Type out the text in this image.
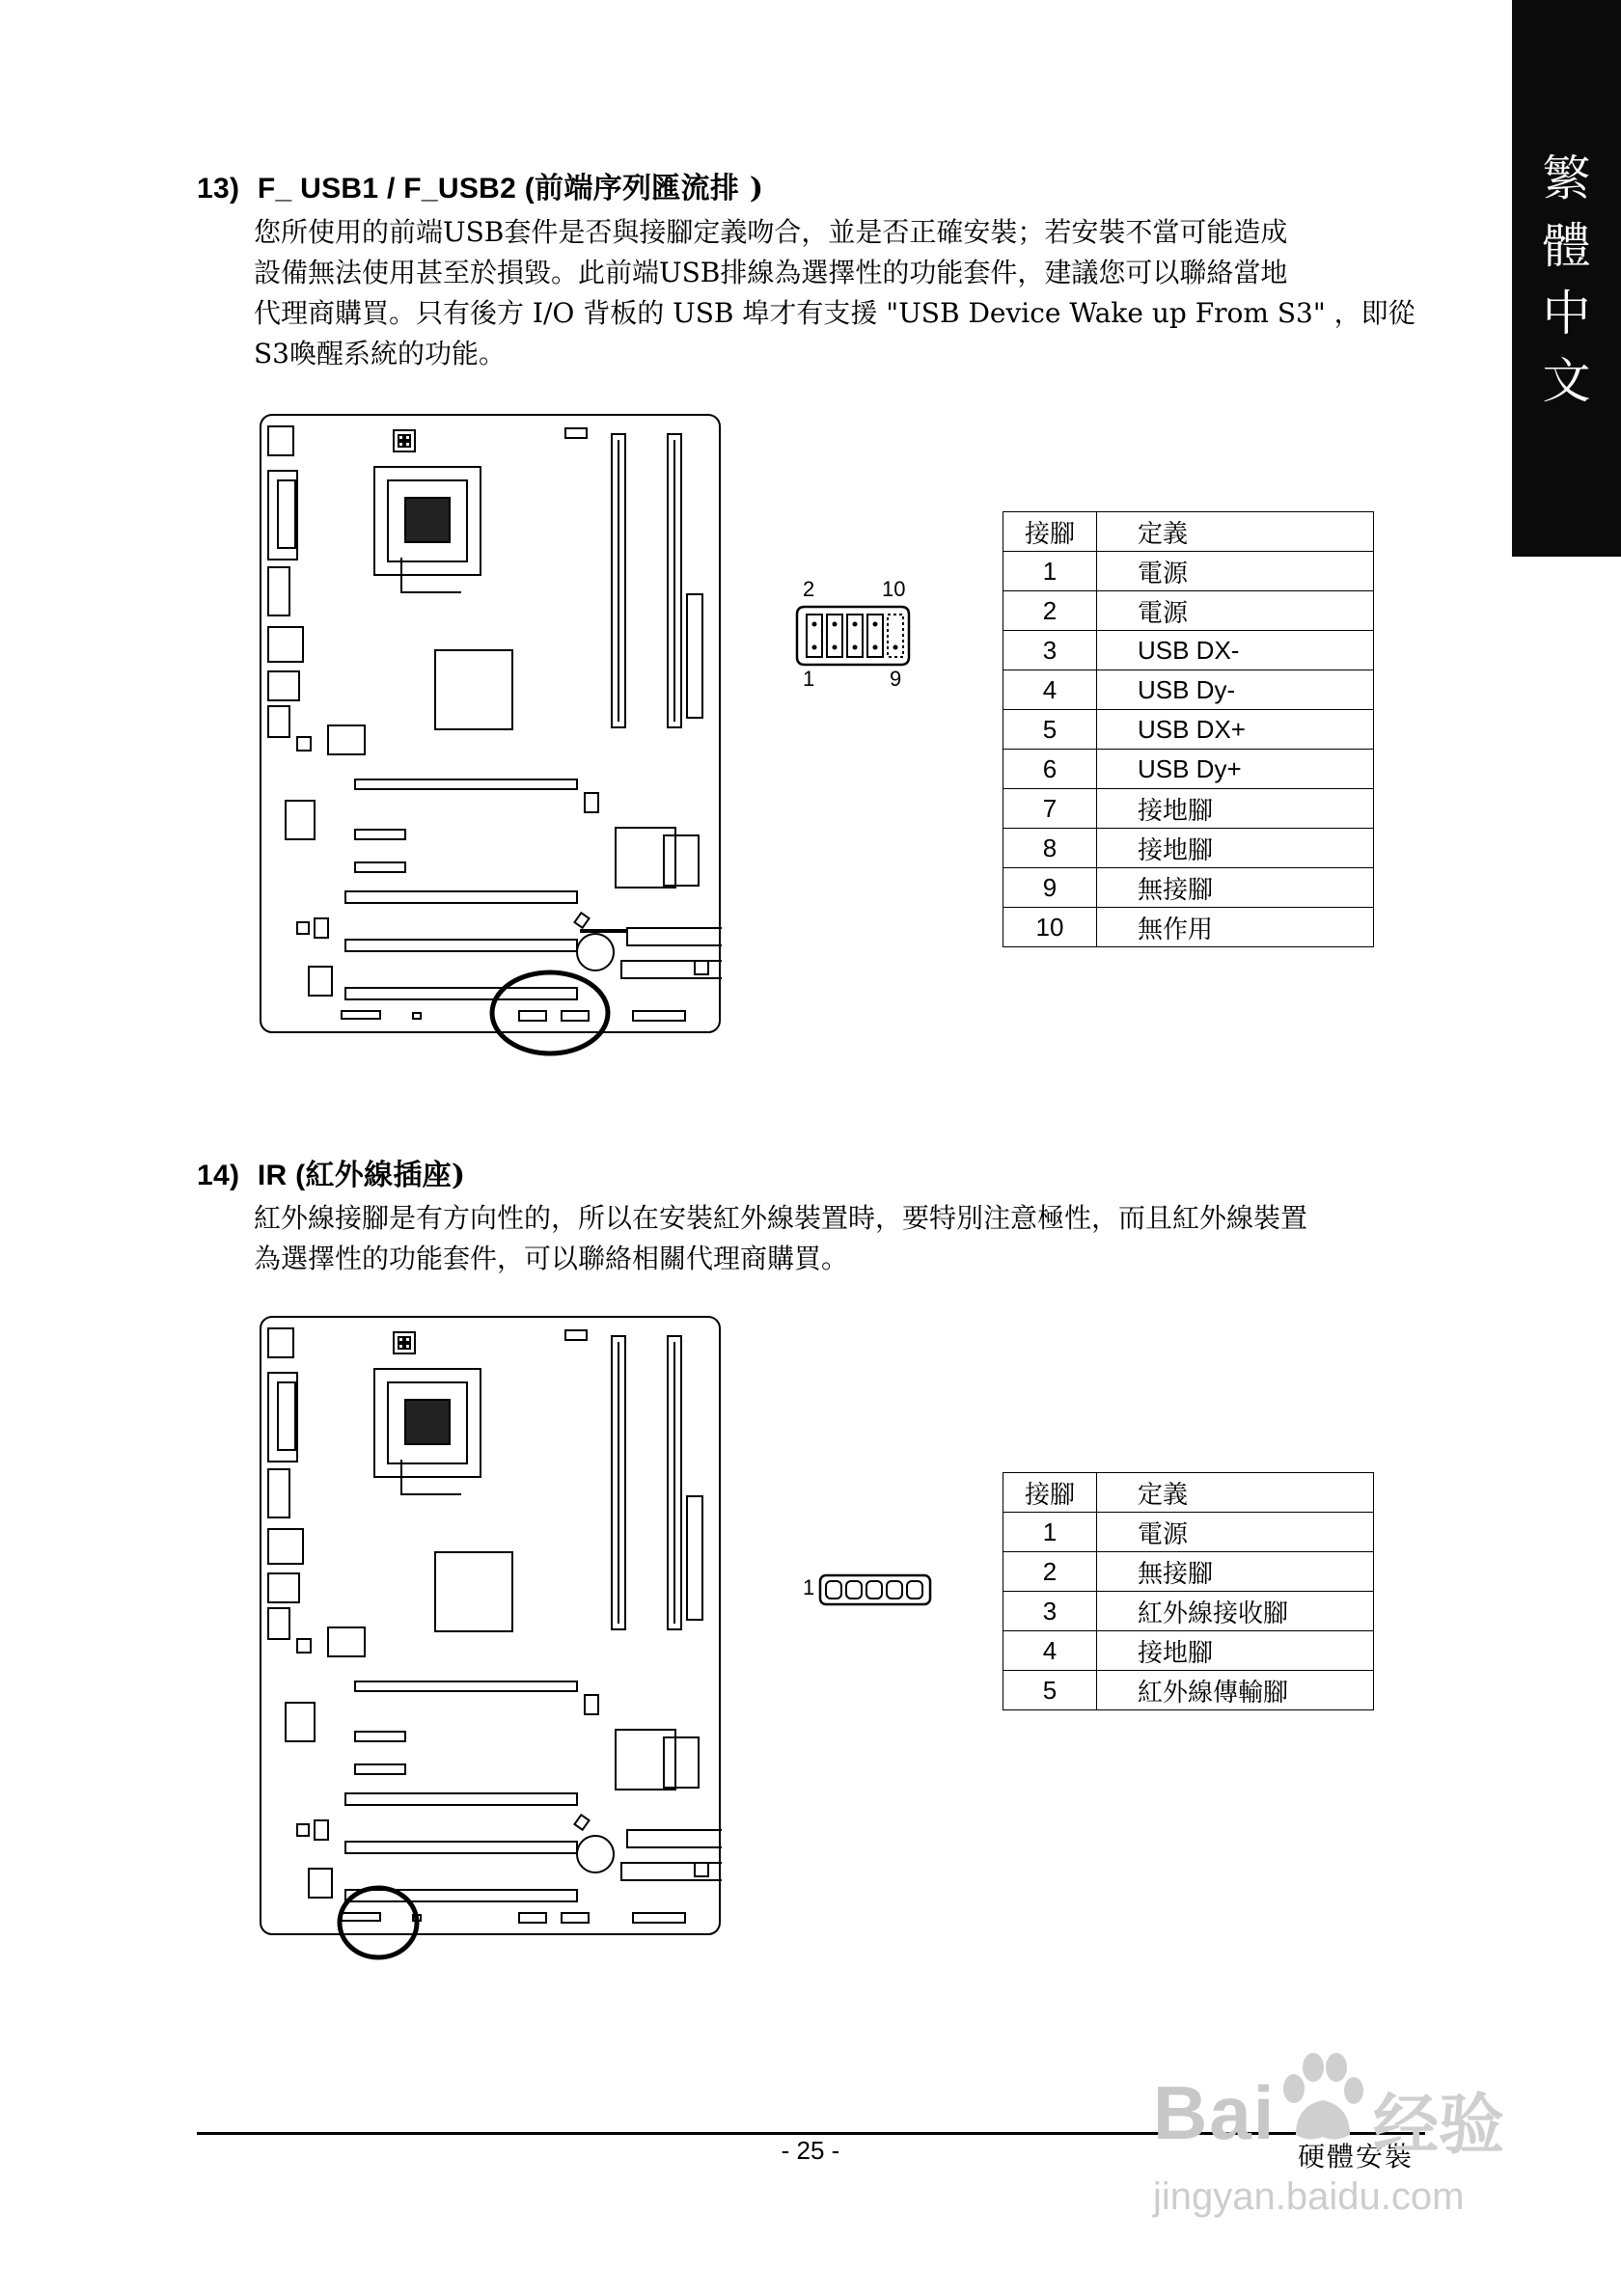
繁
體
中
文
13) F_ USB1 / F_USB2 (前端序列匯流排 )
您所使用的前端USB套件是否與接腳定義吻合，並是否正確安裝；若安裝不當可能造成
設備無法使用甚至於損毀。此前端USB排線為選擇性的功能套件，建議您可以聯絡當地
代理商購買。只有後方 I/O 背板的 USB 埠才有支援 "USB Device Wake up From S3" ，即從
S3喚醒系統的功能。
2	10
1	9
接腳	定義
1	電源
2	電源
3	USB DX-
4	USB Dy-
5	USB DX+
6	USB Dy+
7	接地腳
8	接地腳
9	無接腳
10	無作用
14) IR (紅外線插座)
紅外線接腳是有方向性的，所以在安裝紅外線裝置時，要特別注意極性，而且紅外線裝置
為選擇性的功能套件，可以聯絡相關代理商購買。
1
接腳	定義
1	電源
2	無接腳
3	紅外線接收腳
4	接地腳
5	紅外線傳輸腳
- 25 -	硬體安裝
Bai 经验
jingyan.baidu.com
